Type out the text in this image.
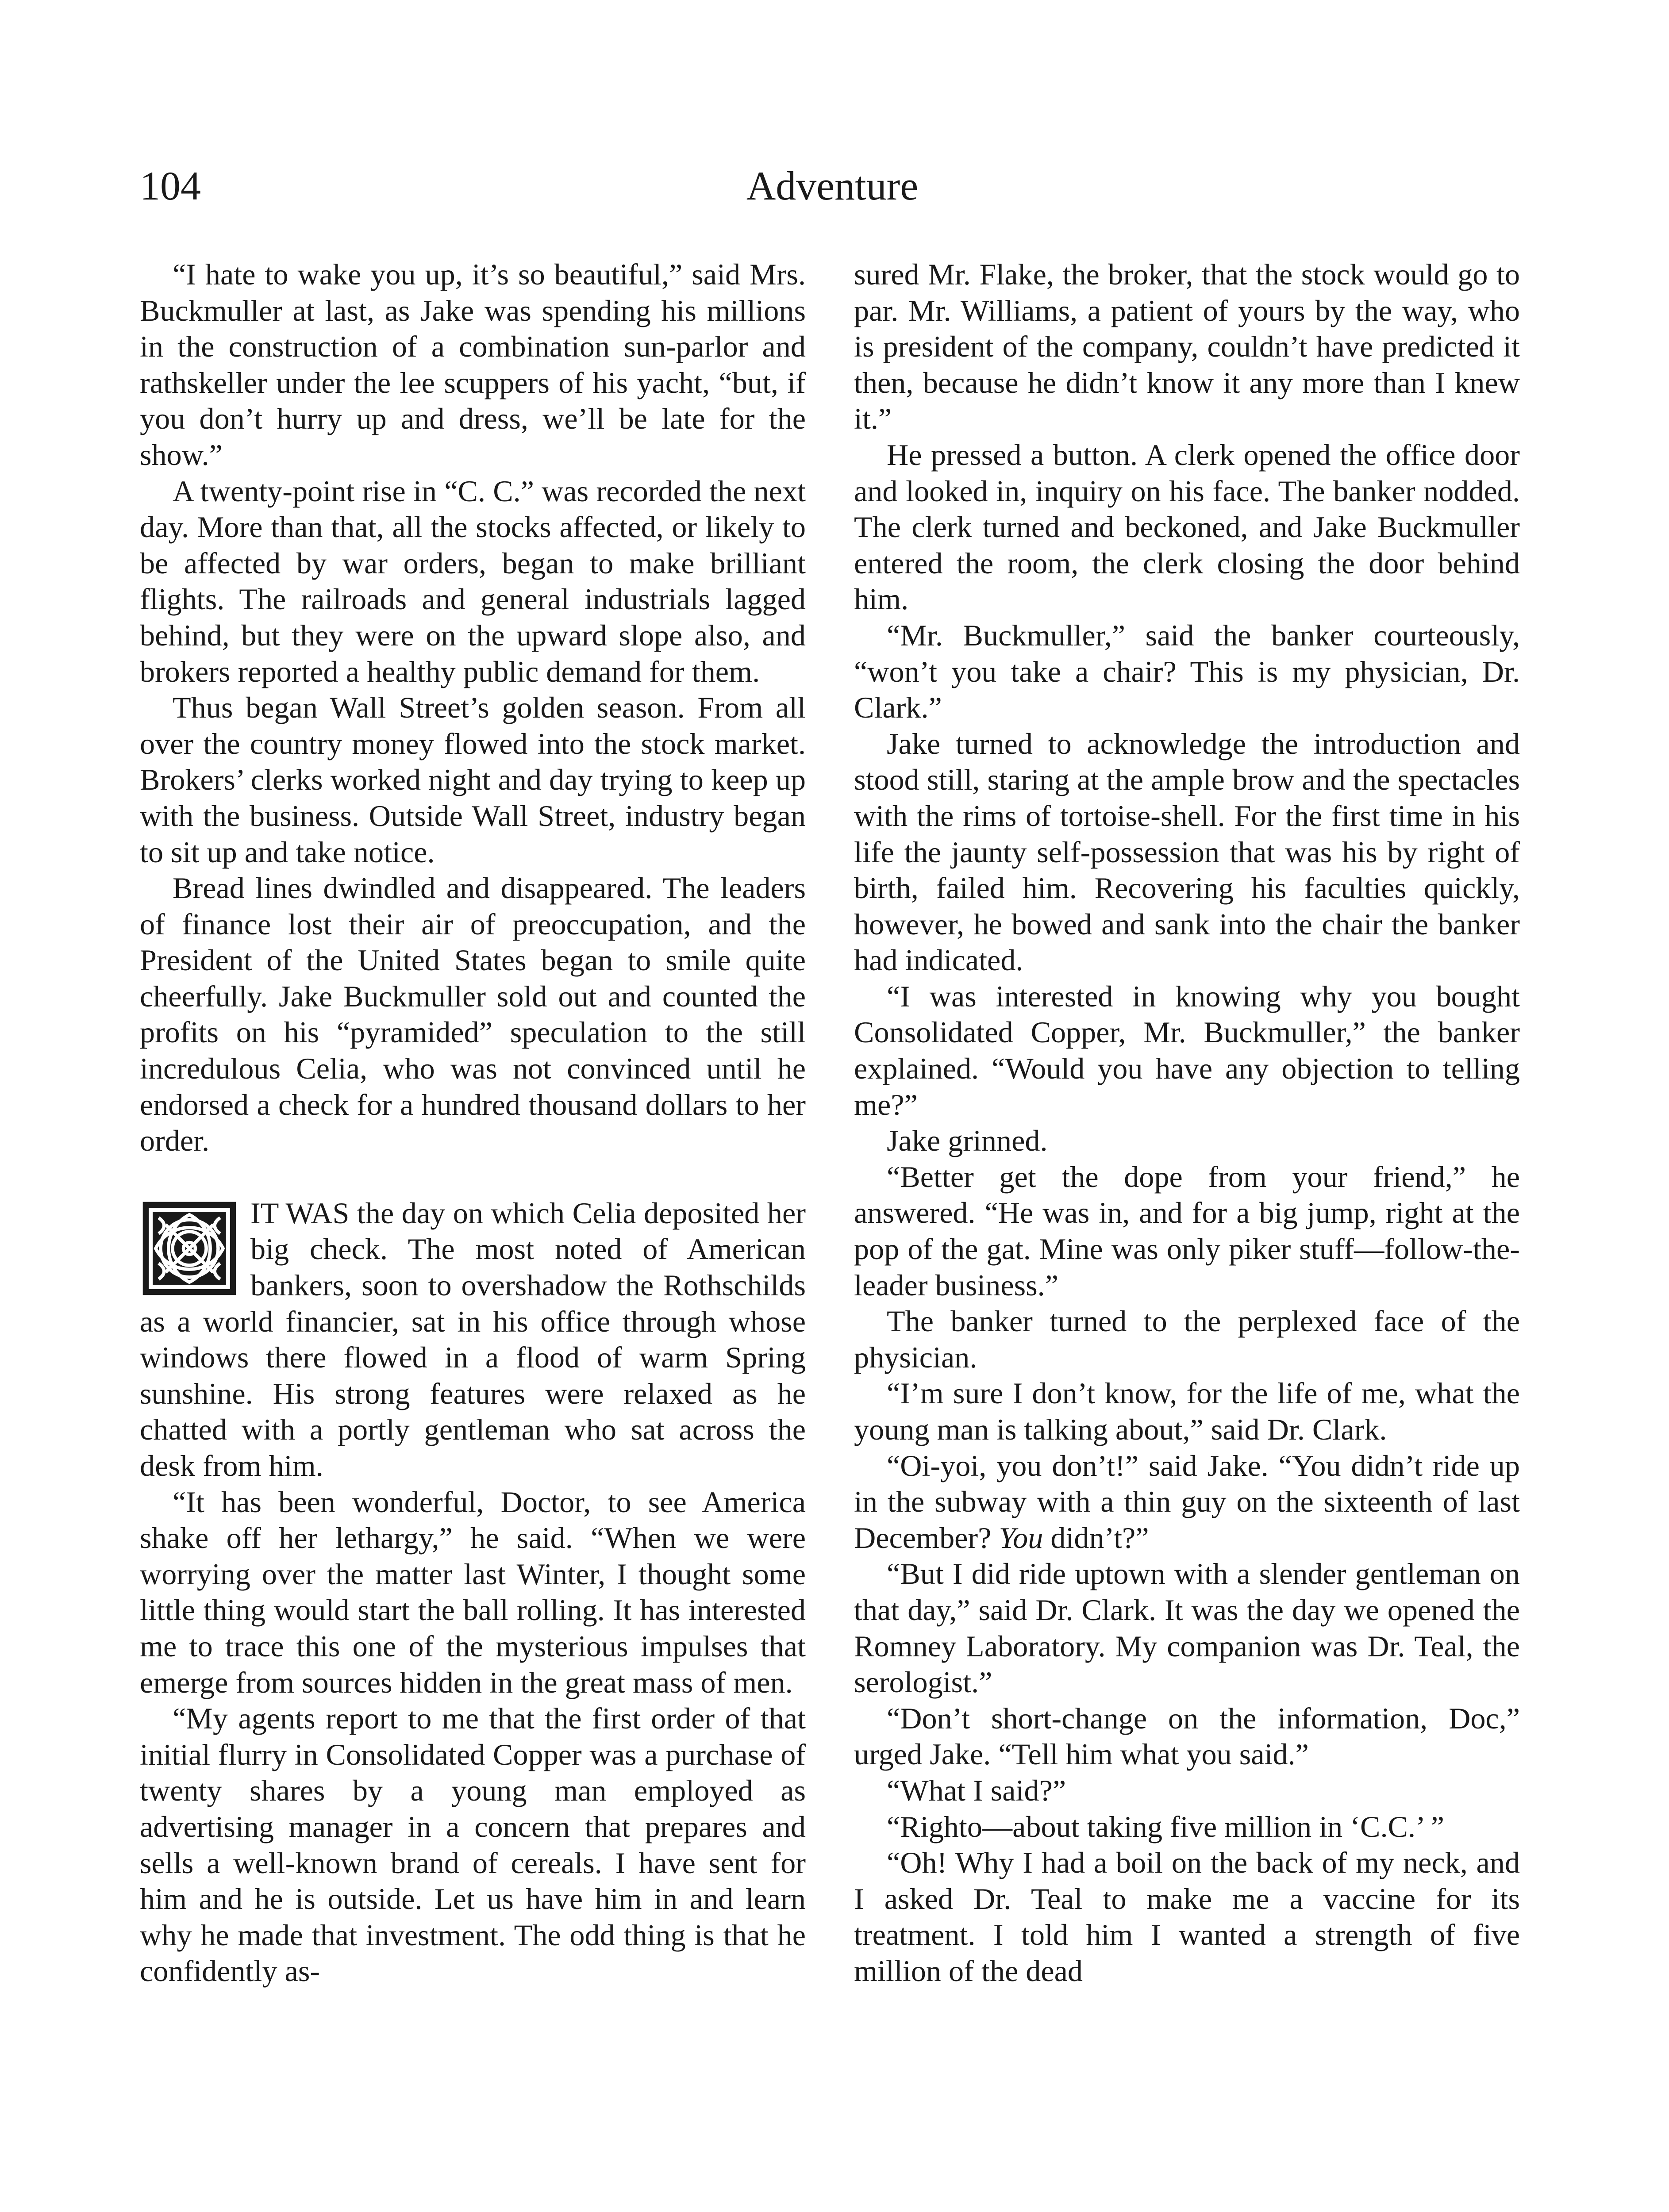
104	Adventure

“I hate to wake you up, it’s so beautiful,” said Mrs. Buckmuller at last, as Jake was spending his millions in the construction of a combination sun-parlor and rathskeller under the lee scuppers of his yacht, “but, if you don’t hurry up and dress, we’ll be late for the show.”

A twenty-point rise in “C. C.” was recorded the next day. More than that, all the stocks affected, or likely to be affected by war orders, began to make brilliant flights. The railroads and general industrials lagged behind, but they were on the upward slope also, and brokers reported a healthy public demand for them.

Thus began Wall Street’s golden season. From all over the country money flowed into the stock market. Brokers’ clerks worked night and day trying to keep up with the business. Outside Wall Street, industry began to sit up and take notice.

Bread lines dwindled and disappeared. The leaders of finance lost their air of preoccupation, and the President of the United States began to smile quite cheerfully. Jake Buckmuller sold out and counted the profits on his “pyramided” speculation to the still incredulous Celia, who was not convinced until he endorsed a check for a hundred thousand dollars to her order.

IT WAS the day on which Celia deposited her big check. The most noted of American bankers, soon to overshadow the Rothschilds as a world financier, sat in his office through whose windows there flowed in a flood of warm Spring sunshine. His strong features were relaxed as he chatted with a portly gentleman who sat across the desk from him.

“It has been wonderful, Doctor, to see America shake off her lethargy,” he said. “When we were worrying over the matter last Winter, I thought some little thing would start the ball rolling. It has interested me to trace this one of the mysterious impulses that emerge from sources hidden in the great mass of men.

“My agents report to me that the first order of that initial flurry in Consolidated Copper was a purchase of twenty shares by a young man employed as advertising manager in a concern that prepares and sells a well-known brand of cereals. I have sent for him and he is outside. Let us have him in and learn why he made that investment. The odd thing is that he confidently as-

sured Mr. Flake, the broker, that the stock would go to par. Mr. Williams, a patient of yours by the way, who is president of the company, couldn’t have predicted it then, because he didn’t know it any more than I knew it.”

He pressed a button. A clerk opened the office door and looked in, inquiry on his face. The banker nodded. The clerk turned and beckoned, and Jake Buckmuller entered the room, the clerk closing the door behind him.

“Mr. Buckmuller,” said the banker courteously, “won’t you take a chair? This is my physician, Dr. Clark.”

Jake turned to acknowledge the introduction and stood still, staring at the ample brow and the spectacles with the rims of tortoise-shell. For the first time in his life the jaunty self-possession that was his by right of birth, failed him. Recovering his faculties quickly, however, he bowed and sank into the chair the banker had indicated.

“I was interested in knowing why you bought Consolidated Copper, Mr. Buckmuller,” the banker explained. “Would you have any objection to telling me?”

Jake grinned.

“Better get the dope from your friend,” he answered. “He was in, and for a big jump, right at the pop of the gat. Mine was only piker stuff—follow-the-leader business.”

The banker turned to the perplexed face of the physician.

“I’m sure I don’t know, for the life of me, what the young man is talking about,” said Dr. Clark.

“Oi-yoi, you don’t!” said Jake. “You didn’t ride up in the subway with a thin guy on the sixteenth of last December? You didn’t?”

“But I did ride uptown with a slender gentleman on that day,” said Dr. Clark. It was the day we opened the Romney Laboratory. My companion was Dr. Teal, the serologist.”

“Don’t short-change on the information, Doc,” urged Jake. “Tell him what you said.”

“What I said?”

“Righto—about taking five million in ‘C.C.’ ”

“Oh! Why I had a boil on the back of my neck, and I asked Dr. Teal to make me a vaccine for its treatment. I told him I wanted a strength of five million of the dead
